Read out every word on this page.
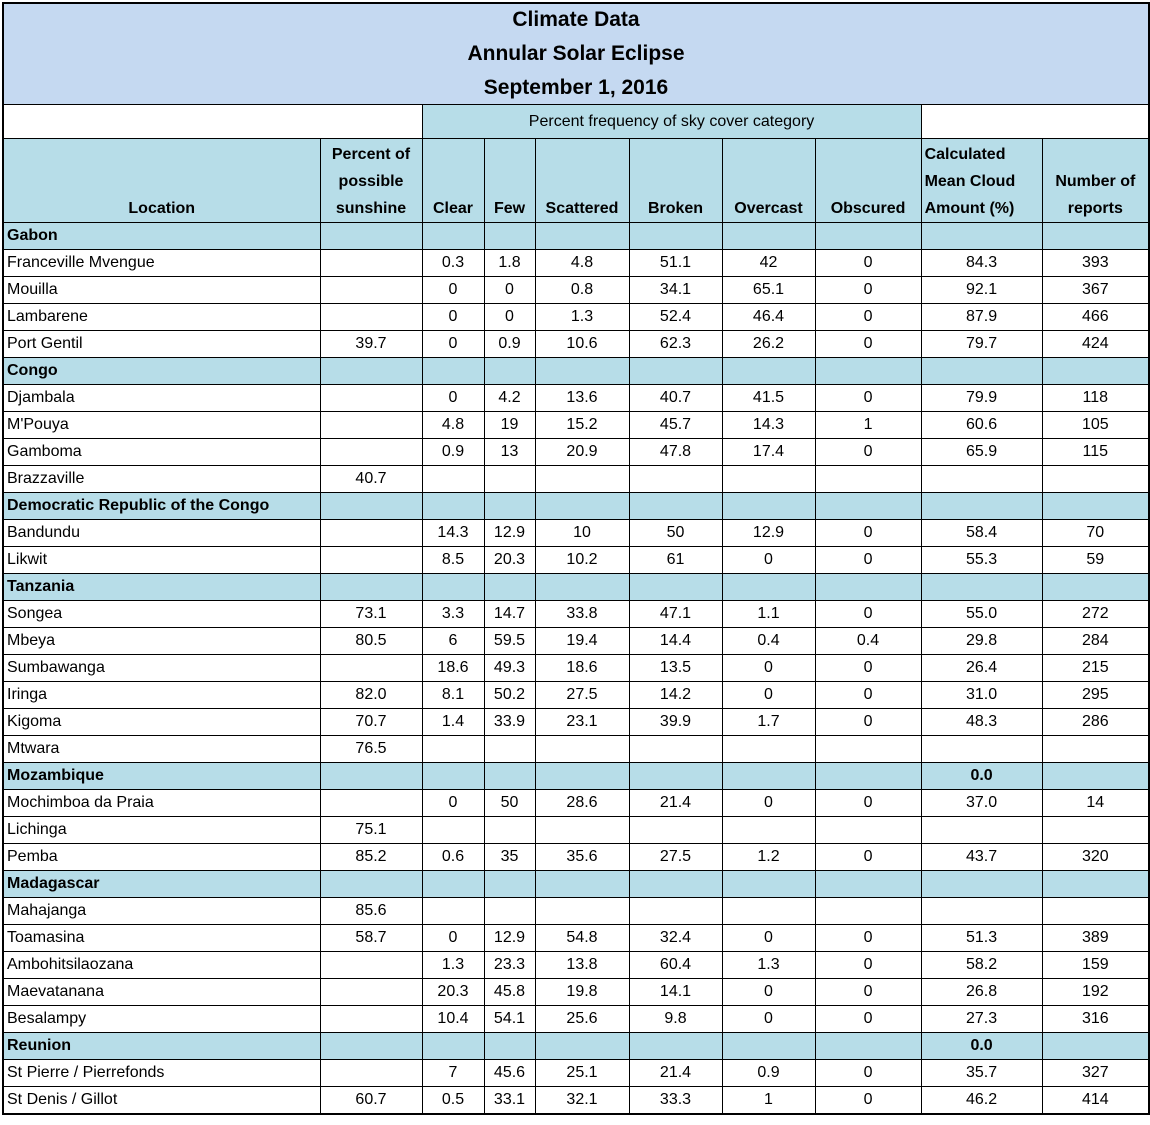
Climate Data
Annular Solar Eclipse
September 1, 2016
		Percent frequency of sky cover category							
Location	Percent of possible sunshine	Clear	Few	Scattered	Broken	Overcast	Obscured	Calculated Mean Cloud Amount (%)	Number of reports
Gabon									
Franceville Mvengue		0.3	1.8	4.8	51.1	42	0	84.3	393
Mouilla		0	0	0.8	34.1	65.1	0	92.1	367
Lambarene		0	0	1.3	52.4	46.4	0	87.9	466
Port Gentil	39.7	0	0.9	10.6	62.3	26.2	0	79.7	424
Congo									
Djambala		0	4.2	13.6	40.7	41.5	0	79.9	118
M'Pouya		4.8	19	15.2	45.7	14.3	1	60.6	105
Gamboma		0.9	13	20.9	47.8	17.4	0	65.9	115
Brazzaville	40.7								
Democratic Republic of the Congo									
Bandundu		14.3	12.9	10	50	12.9	0	58.4	70
Likwit		8.5	20.3	10.2	61	0	0	55.3	59
Tanzania									
Songea	73.1	3.3	14.7	33.8	47.1	1.1	0	55.0	272
Mbeya	80.5	6	59.5	19.4	14.4	0.4	0.4	29.8	284
Sumbawanga		18.6	49.3	18.6	13.5	0	0	26.4	215
Iringa	82.0	8.1	50.2	27.5	14.2	0	0	31.0	295
Kigoma	70.7	1.4	33.9	23.1	39.9	1.7	0	48.3	286
Mtwara	76.5								
Mozambique								0.0	
Mochimboa da Praia		0	50	28.6	21.4	0	0	37.0	14
Lichinga	75.1								
Pemba	85.2	0.6	35	35.6	27.5	1.2	0	43.7	320
Madagascar									
Mahajanga	85.6								
Toamasina	58.7	0	12.9	54.8	32.4	0	0	51.3	389
Ambohitsilaozana		1.3	23.3	13.8	60.4	1.3	0	58.2	159
Maevatanana		20.3	45.8	19.8	14.1	0	0	26.8	192
Besalampy		10.4	54.1	25.6	9.8	0	0	27.3	316
Reunion								0.0	
St Pierre / Pierrefonds		7	45.6	25.1	21.4	0.9	0	35.7	327
St Denis / Gillot	60.7	0.5	33.1	32.1	33.3	1	0	46.2	414
